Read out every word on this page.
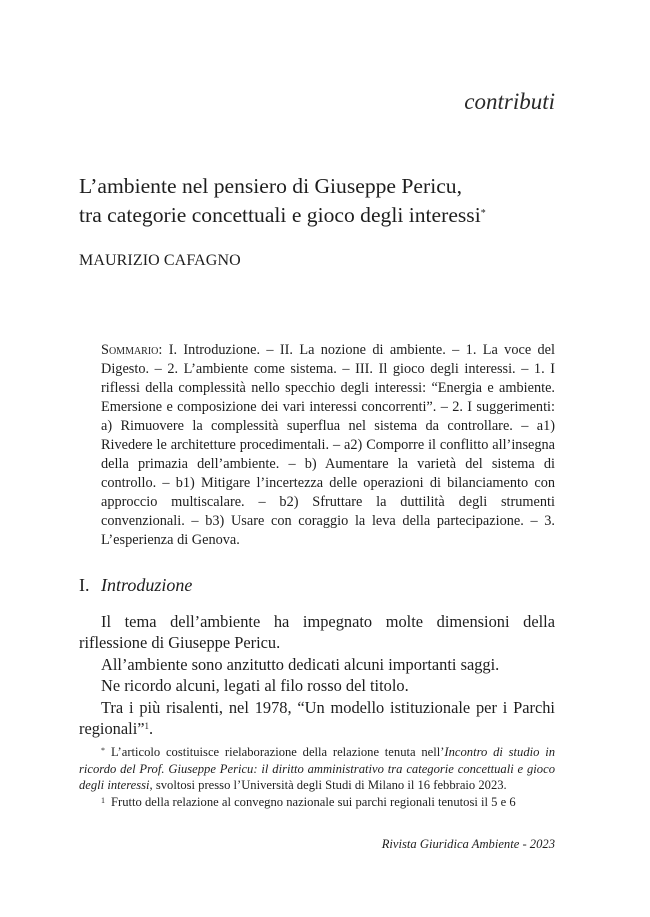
contributi
L’ambiente nel pensiero di Giuseppe Pericu,
tra categorie concettuali e gioco degli interessi*
MAURIZIO CAFAGNO
Sommario: I. Introduzione. – II. La nozione di ambiente. – 1. La voce del Digesto. – 2. L’ambiente come sistema. – III. Il gioco degli interessi. – 1. I riflessi della complessità nello specchio degli interessi: “Energia e ambiente. Emersione e composizione dei vari interessi concorrenti”. – 2. I suggerimenti: a) Rimuovere la complessità superflua nel sistema da controllare. – a1) Rivedere le architetture procedimentali. – a2) Comporre il conflitto all’insegna della primazia dell’ambiente. – b) Aumentare la varietà del sistema di controllo. – b1) Mitigare l’incertezza delle operazioni di bilanciamento con approccio multiscalare. – b2) Sfruttare la duttilità degli strumenti convenzionali. – b3) Usare con coraggio la leva della partecipazione. – 3. L’esperienza di Genova.
I. Introduzione

Il tema dell’ambiente ha impegnato molte dimensioni della riflessione di Giuseppe Pericu.

All’ambiente sono anzitutto dedicati alcuni importanti saggi.

Ne ricordo alcuni, legati al filo rosso del titolo.

Tra i più risalenti, nel 1978, “Un modello istituzionale per i Parchi regionali”$^1$.

* L’articolo costituisce rielaborazione della relazione tenuta nell’Incontro di studio in ricordo del Prof. Giuseppe Pericu: il diritto amministrativo tra categorie concettuali e gioco degli interessi, svoltosi presso l’Università degli Studi di Milano il 16 febbraio 2023.

$^1$ Frutto della relazione al convegno nazionale sui parchi regionali tenutosi il 5 e 6

Rivista Giuridica Ambiente - 2023
